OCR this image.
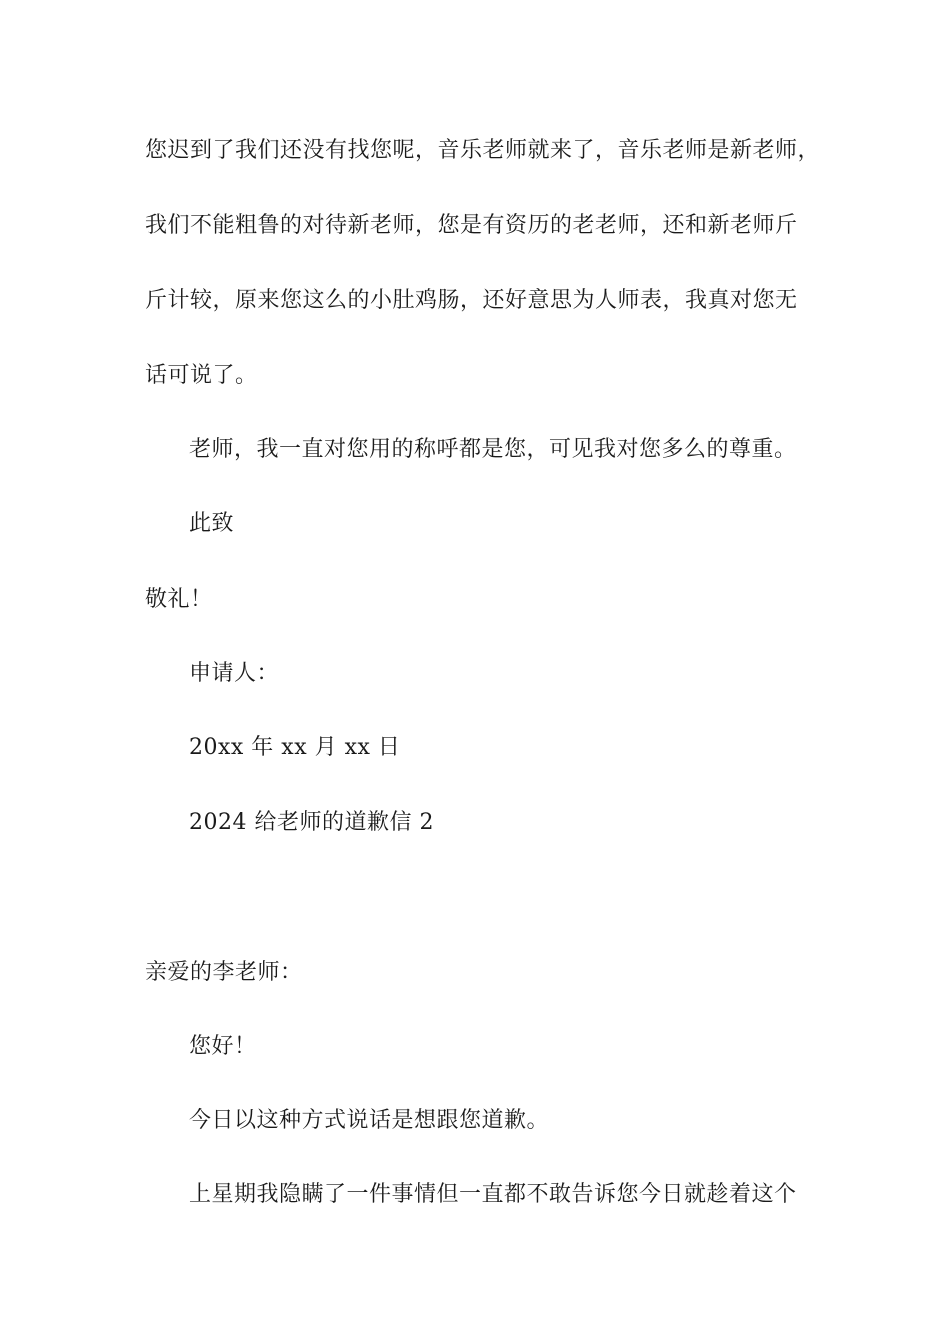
您迟到了我们还没有找您呢，音乐老师就来了，音乐老师是新老师，
我们不能粗鲁的对待新老师，您是有资历的老老师，还和新老师斤
斤计较，原来您这么的小肚鸡肠，还好意思为人师表，我真对您无
话可说了。
老师，我一直对您用的称呼都是您，可见我对您多么的尊重。
此致
敬礼！
申请人：
20xx 年 xx 月 xx 日
2024 给老师的道歉信 2
亲爱的李老师：
您好！
今日以这种方式说话是想跟您道歉。
上星期我隐瞒了一件事情但一直都不敢告诉您今日就趁着这个
